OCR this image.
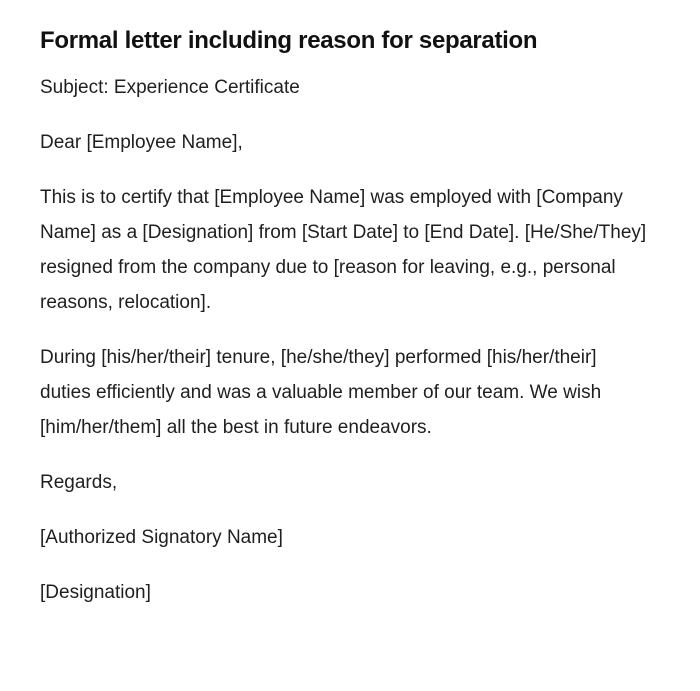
Formal letter including reason for separation

Subject: Experience Certificate

Dear [Employee Name],

This is to certify that [Employee Name] was employed with [Company Name] as a [Designation] from [Start Date] to [End Date]. [He/She/They] resigned from the company due to [reason for leaving, e.g., personal reasons, relocation].

During [his/her/their] tenure, [he/she/they] performed [his/her/their] duties efficiently and was a valuable member of our team. We wish [him/her/them] all the best in future endeavors.

Regards,

[Authorized Signatory Name]

[Designation]
